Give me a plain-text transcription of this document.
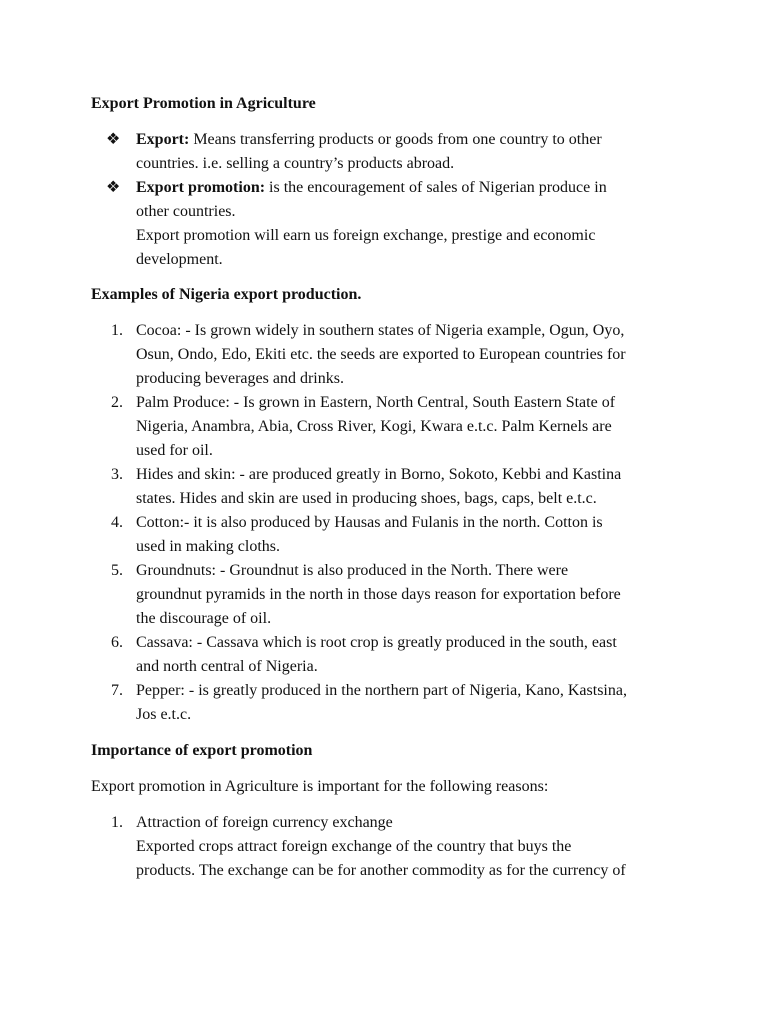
Export Promotion in Agriculture
❖ Export: Means transferring products or goods from one country to other
countries. i.e. selling a country’s products abroad.
❖ Export promotion: is the encouragement of sales of Nigerian produce in
other countries.

Export promotion will earn us foreign exchange, prestige and economic
development.

Examples of Nigeria export production.
1. Cocoa: - Is grown widely in southern states of Nigeria example, Ogun, Oyo,
Osun, Ondo, Edo, Ekiti etc. the seeds are exported to European countries for
producing beverages and drinks.
2. Palm Produce: - Is grown in Eastern, North Central, South Eastern State of
Nigeria, Anambra, Abia, Cross River, Kogi, Kwara e.t.c. Palm Kernels are
used for oil.
3. Hides and skin: - are produced greatly in Borno, Sokoto, Kebbi and Kastina
states. Hides and skin are used in producing shoes, bags, caps, belt e.t.c.
4. Cotton:- it is also produced by Hausas and Fulanis in the north. Cotton is
used in making cloths.
5. Groundnuts: - Groundnut is also produced in the North. There were
groundnut pyramids in the north in those days reason for exportation before
the discourage of oil.
6. Cassava: - Cassava which is root crop is greatly produced in the south, east
and north central of Nigeria.
7. Pepper: - is greatly produced in the northern part of Nigeria, Kano, Kastsina,
Jos e.t.c.
Importance of export promotion

Export promotion in Agriculture is important for the following reasons:

1. Attraction of foreign currency exchange
Exported crops attract foreign exchange of the country that buys the
products. The exchange can be for another commodity as for the currency of
